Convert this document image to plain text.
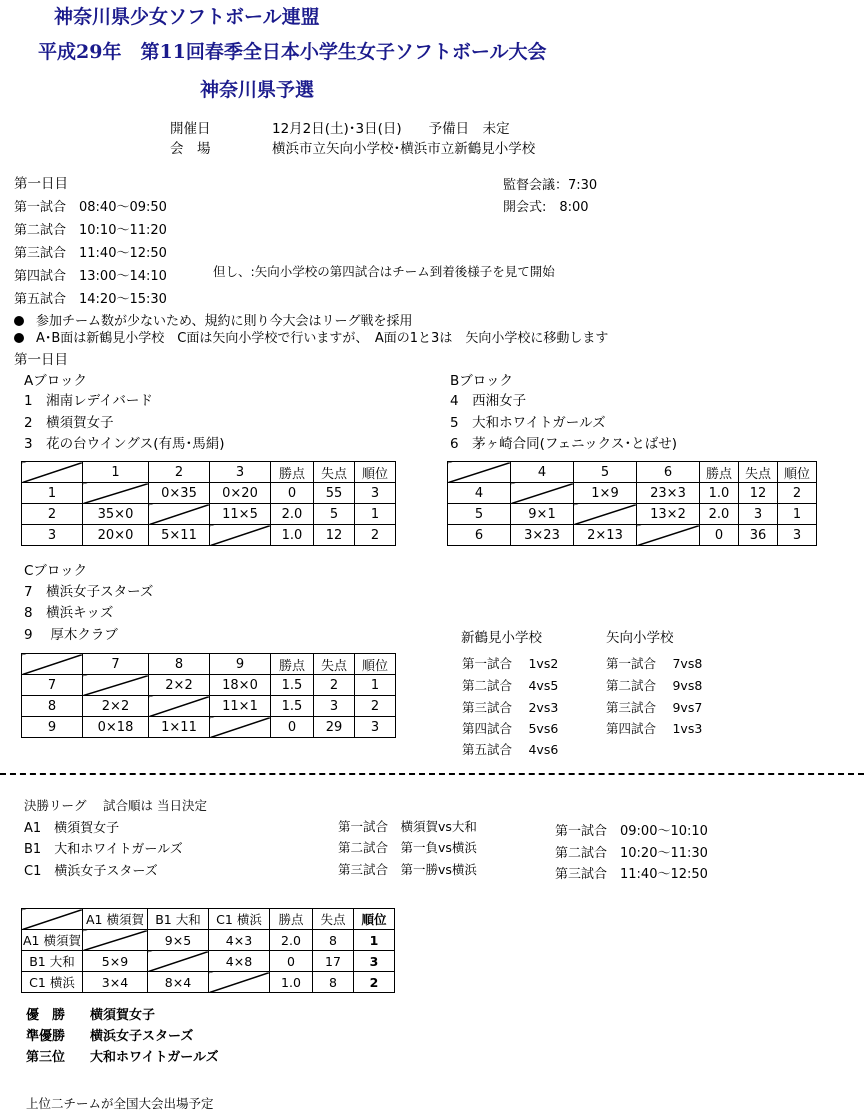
神奈川県少女ソフトボール連盟
平成29年　第11回春季全日本小学生女子ソフトボール大会
神奈川県予選
開催日	12月2日(土)･3日(日)　　予備日　未定
会　場	横浜市立矢向小学校･横浜市立新鶴見小学校
第一日目
第一試合　08:40～09:50
第二試合　10:10～11:20
第三試合　11:40～12:50
第四試合　13:00～14:10
第五試合　14:20～15:30
監督会議：7:30
開会式:　8:00
但し、:矢向小学校の第四試合はチーム到着後様子を見て開始
参加チーム数が少ないため、規約に則り今大会はリーグ戦を採用
A･B面は新鶴見小学校　C面は矢向小学校で行いますが、　A面の1と3は　矢向小学校に移動します
第一日目
Aブロック
1　湘南レデイバード
2　横須賀女子
3　花の台ウイングス(有馬･馬絹)
	1	2	3	勝点	失点	順位
1		0×35	0×20	0	55	3
2	35×0		11×5	2.0	5	1
3	20×0	5×11		1.0	12	2
Bブロック
4　西湘女子
5　大和ホワイトガールズ
6　茅ヶ崎合同(フェニックス･とばせ)
	4	5	6	勝点	失点	順位
4		1×9	23×3	1.0	12	2
5	9×1		13×2	2.0	3	1
6	3×23	2×13		0	36	3
Cブロック
7　横浜女子スターズ
8　横浜キッズ
9　 厚木クラブ
	7	8	9	勝点	失点	順位
7		2×2	18×0	1.5	2	1
8	2×2		11×1	1.5	3	2
9	0×18	1×11		0	29	3
新鶴見小学校
第一試合　 1vs2
第二試合　 4vs5
第三試合　 2vs3
第四試合　 5vs6
第五試合　 4vs6
矢向小学校
第一試合　 7vs8
第二試合　 9vs8
第三試合　 9vs7
第四試合　 1vs3
決勝リーグ　 試合順は 当日決定
A1　横須賀女子
B1　大和ホワイトガールズ
C1　横浜女子スターズ
第一試合　横須賀vs大和
第二試合　第一負vs横浜
第三試合　第一勝vs横浜
第一試合　09:00～10:10
第二試合　10:20～11:30
第三試合　11:40～12:50
	A1 横須賀	B1 大和	C1 横浜	勝点	失点	順位
A1 横須賀		9×5	4×3	2.0	8	1
B1 大和	5×9		4×8	0	17	3
C1 横浜	3×4	8×4		1.0	8	2
優　勝 横須賀女子
準優勝 横浜女子スターズ
第三位 大和ホワイトガールズ
上位二チームが全国大会出場予定
